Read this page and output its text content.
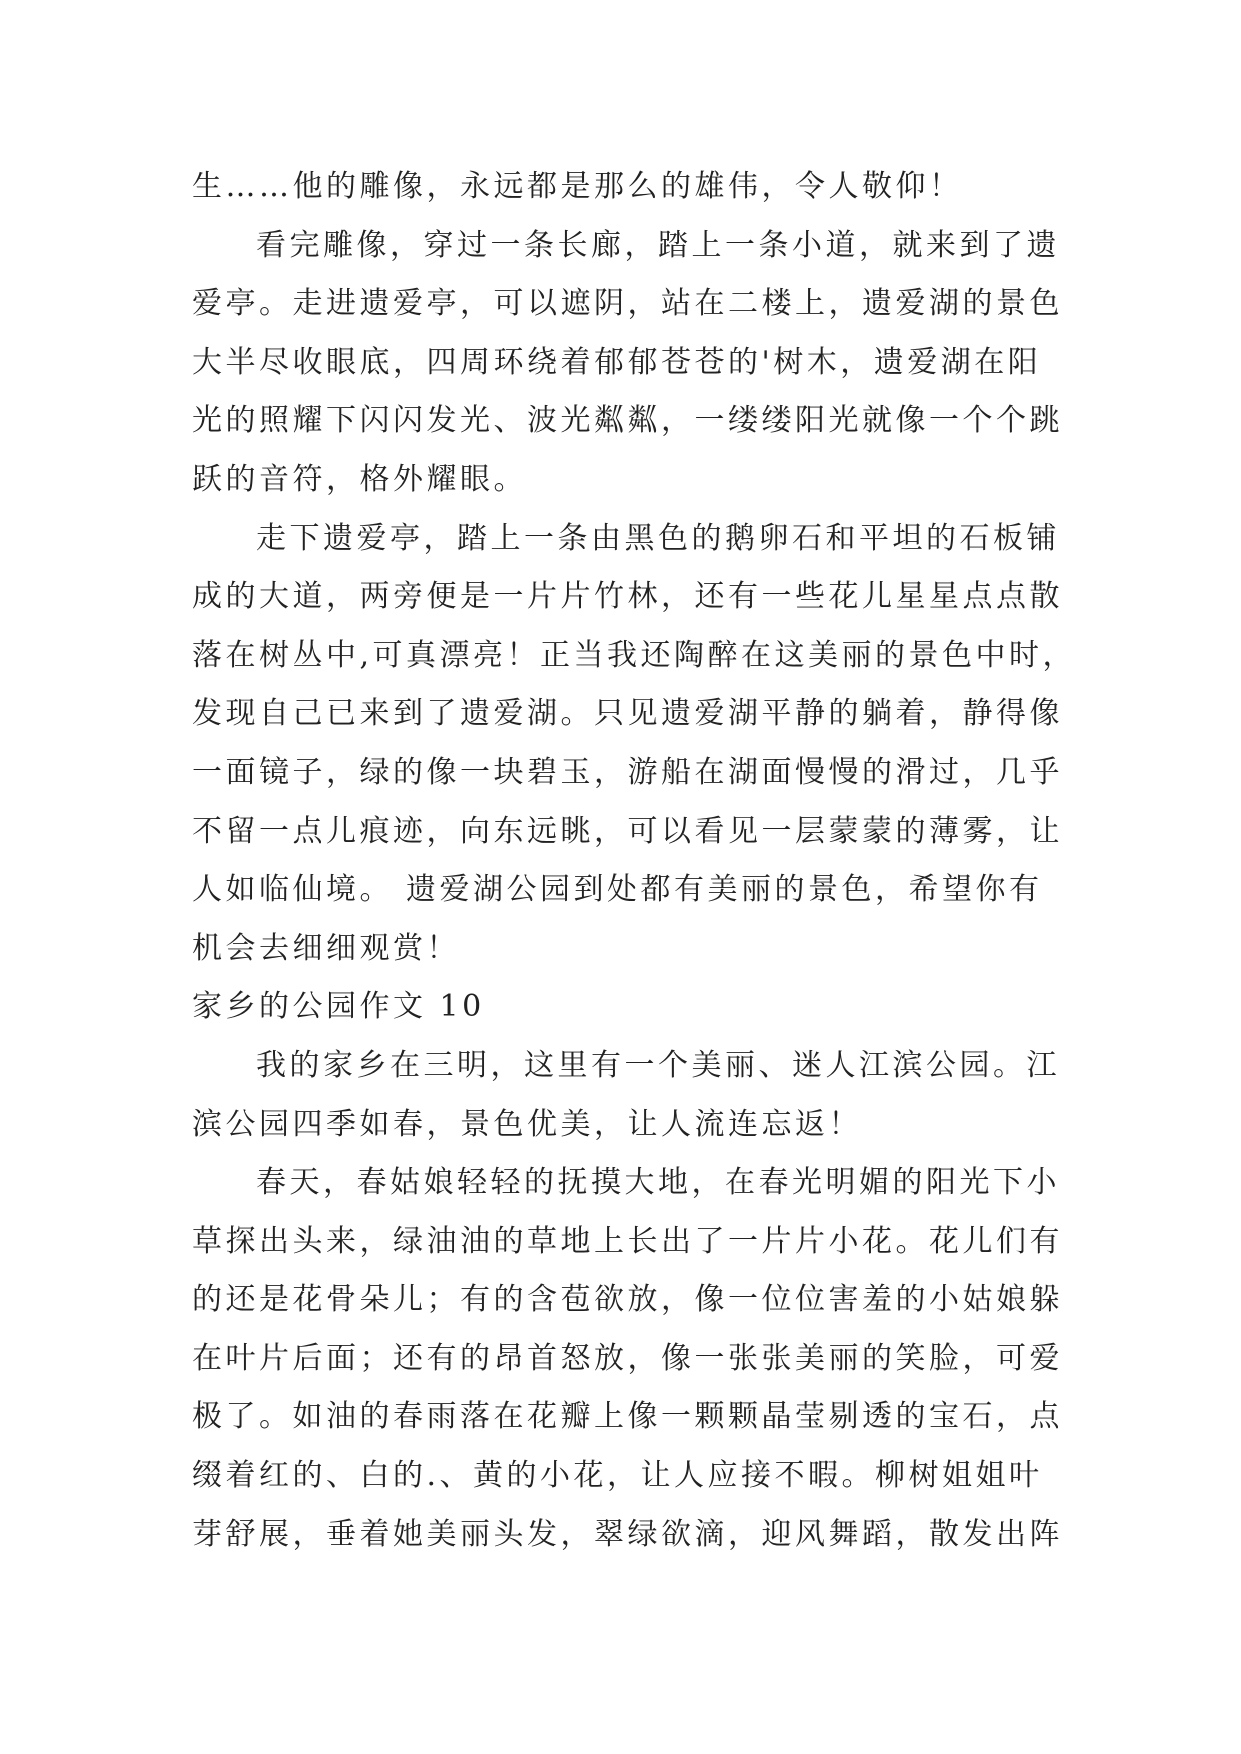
生……他的雕像，永远都是那么的雄伟，令人敬仰！
看完雕像，穿过一条长廊，踏上一条小道，就来到了遗
爱亭。走进遗爱亭，可以遮阴，站在二楼上，遗爱湖的景色
大半尽收眼底，四周环绕着郁郁苍苍的'树木，遗爱湖在阳
光的照耀下闪闪发光、波光粼粼，一缕缕阳光就像一个个跳
跃的音符，格外耀眼。
走下遗爱亭，踏上一条由黑色的鹅卵石和平坦的石板铺
成的大道，两旁便是一片片竹林，还有一些花儿星星点点散
落在树丛中,可真漂亮！正当我还陶醉在这美丽的景色中时，
发现自己已来到了遗爱湖。只见遗爱湖平静的躺着，静得像
一面镜子，绿的像一块碧玉，游船在湖面慢慢的滑过，几乎
不留一点儿痕迹，向东远眺，可以看见一层蒙蒙的薄雾，让
人如临仙境。 遗爱湖公园到处都有美丽的景色，希望你有
机会去细细观赏！
家乡的公园作文 10
我的家乡在三明，这里有一个美丽、迷人江滨公园。江
滨公园四季如春，景色优美，让人流连忘返！
春天，春姑娘轻轻的抚摸大地，在春光明媚的阳光下小
草探出头来，绿油油的草地上长出了一片片小花。花儿们有
的还是花骨朵儿；有的含苞欲放，像一位位害羞的小姑娘躲
在叶片后面；还有的昂首怒放，像一张张美丽的笑脸，可爱
极了。如油的春雨落在花瓣上像一颗颗晶莹剔透的宝石，点
缀着红的、白的.、黄的小花，让人应接不暇。柳树姐姐叶
芽舒展，垂着她美丽头发，翠绿欲滴，迎风舞蹈，散发出阵
